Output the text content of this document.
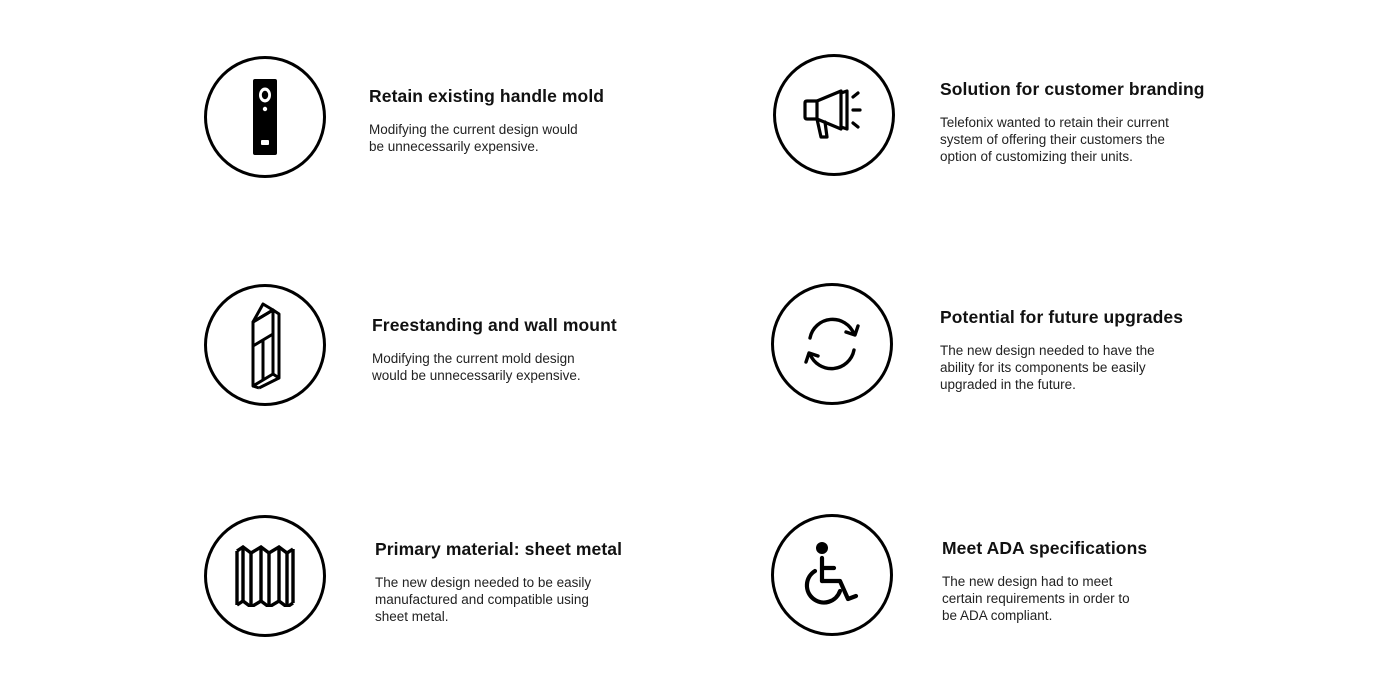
Retain existing handle mold
Modifying the current design would
be unnecessarily expensive.
Solution for customer branding
Telefonix wanted to retain their current
system of offering their customers the
option of customizing their units.
Freestanding and wall mount
Modifying the current mold design
would be unnecessarily expensive.
Potential for future upgrades
The new design needed to have the
ability for its components be easily
upgraded in the future.
Primary material: sheet metal
The new design needed to be easily
manufactured and compatible using
sheet metal.
Meet ADA specifications
The new design had to meet
certain requirements in order to
be ADA compliant.
